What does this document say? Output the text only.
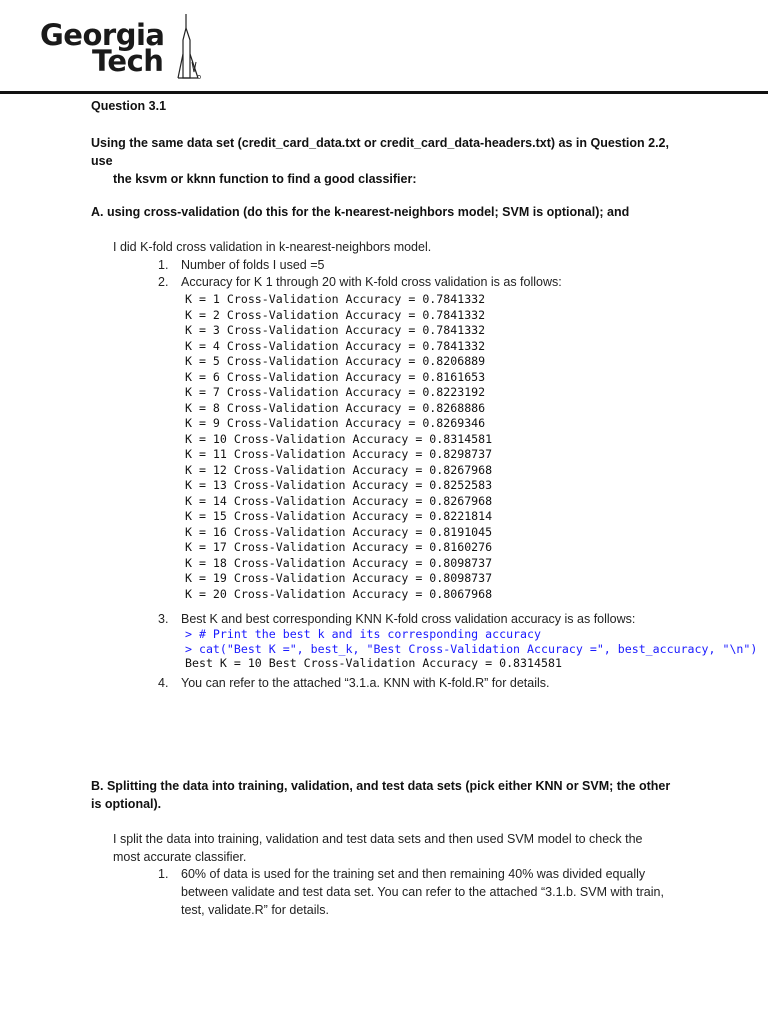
Georgia
Tech
Question 3.1
Using the same data set (credit_card_data.txt or credit_card_data-headers.txt) as in Question 2.2, use
the ksvm or kknn function to find a good classifier:
A. using cross-validation (do this for the k-nearest-neighbors model; SVM is optional); and
I did K-fold cross validation in k-nearest-neighbors model.
1. Number of folds I used =5
2. Accuracy for K 1 through 20 with K-fold cross validation is as follows:
K = 1 Cross-Validation Accuracy = 0.7841332
K = 2 Cross-Validation Accuracy = 0.7841332
K = 3 Cross-Validation Accuracy = 0.7841332
K = 4 Cross-Validation Accuracy = 0.7841332
K = 5 Cross-Validation Accuracy = 0.8206889
K = 6 Cross-Validation Accuracy = 0.8161653
K = 7 Cross-Validation Accuracy = 0.8223192
K = 8 Cross-Validation Accuracy = 0.8268886
K = 9 Cross-Validation Accuracy = 0.8269346
K = 10 Cross-Validation Accuracy = 0.8314581
K = 11 Cross-Validation Accuracy = 0.8298737
K = 12 Cross-Validation Accuracy = 0.8267968
K = 13 Cross-Validation Accuracy = 0.8252583
K = 14 Cross-Validation Accuracy = 0.8267968
K = 15 Cross-Validation Accuracy = 0.8221814
K = 16 Cross-Validation Accuracy = 0.8191045
K = 17 Cross-Validation Accuracy = 0.8160276
K = 18 Cross-Validation Accuracy = 0.8098737
K = 19 Cross-Validation Accuracy = 0.8098737
K = 20 Cross-Validation Accuracy = 0.8067968
3. Best K and best corresponding KNN K-fold cross validation accuracy is as follows:
> # Print the best k and its corresponding accuracy
> cat("Best K =", best_k, "Best Cross-Validation Accuracy =", best_accuracy, "\n")
Best K = 10 Best Cross-Validation Accuracy = 0.8314581
4. You can refer to the attached “3.1.a. KNN with K-fold.R” for details.
B. Splitting the data into training, validation, and test data sets (pick either KNN or SVM; the other
is optional).
I split the data into training, validation and test data sets and then used SVM model to check the
most accurate classifier.
1. 60% of data is used for the training set and then remaining 40% was divided equally
between validate and test data set. You can refer to the attached “3.1.b. SVM with train,
test, validate.R” for details.
